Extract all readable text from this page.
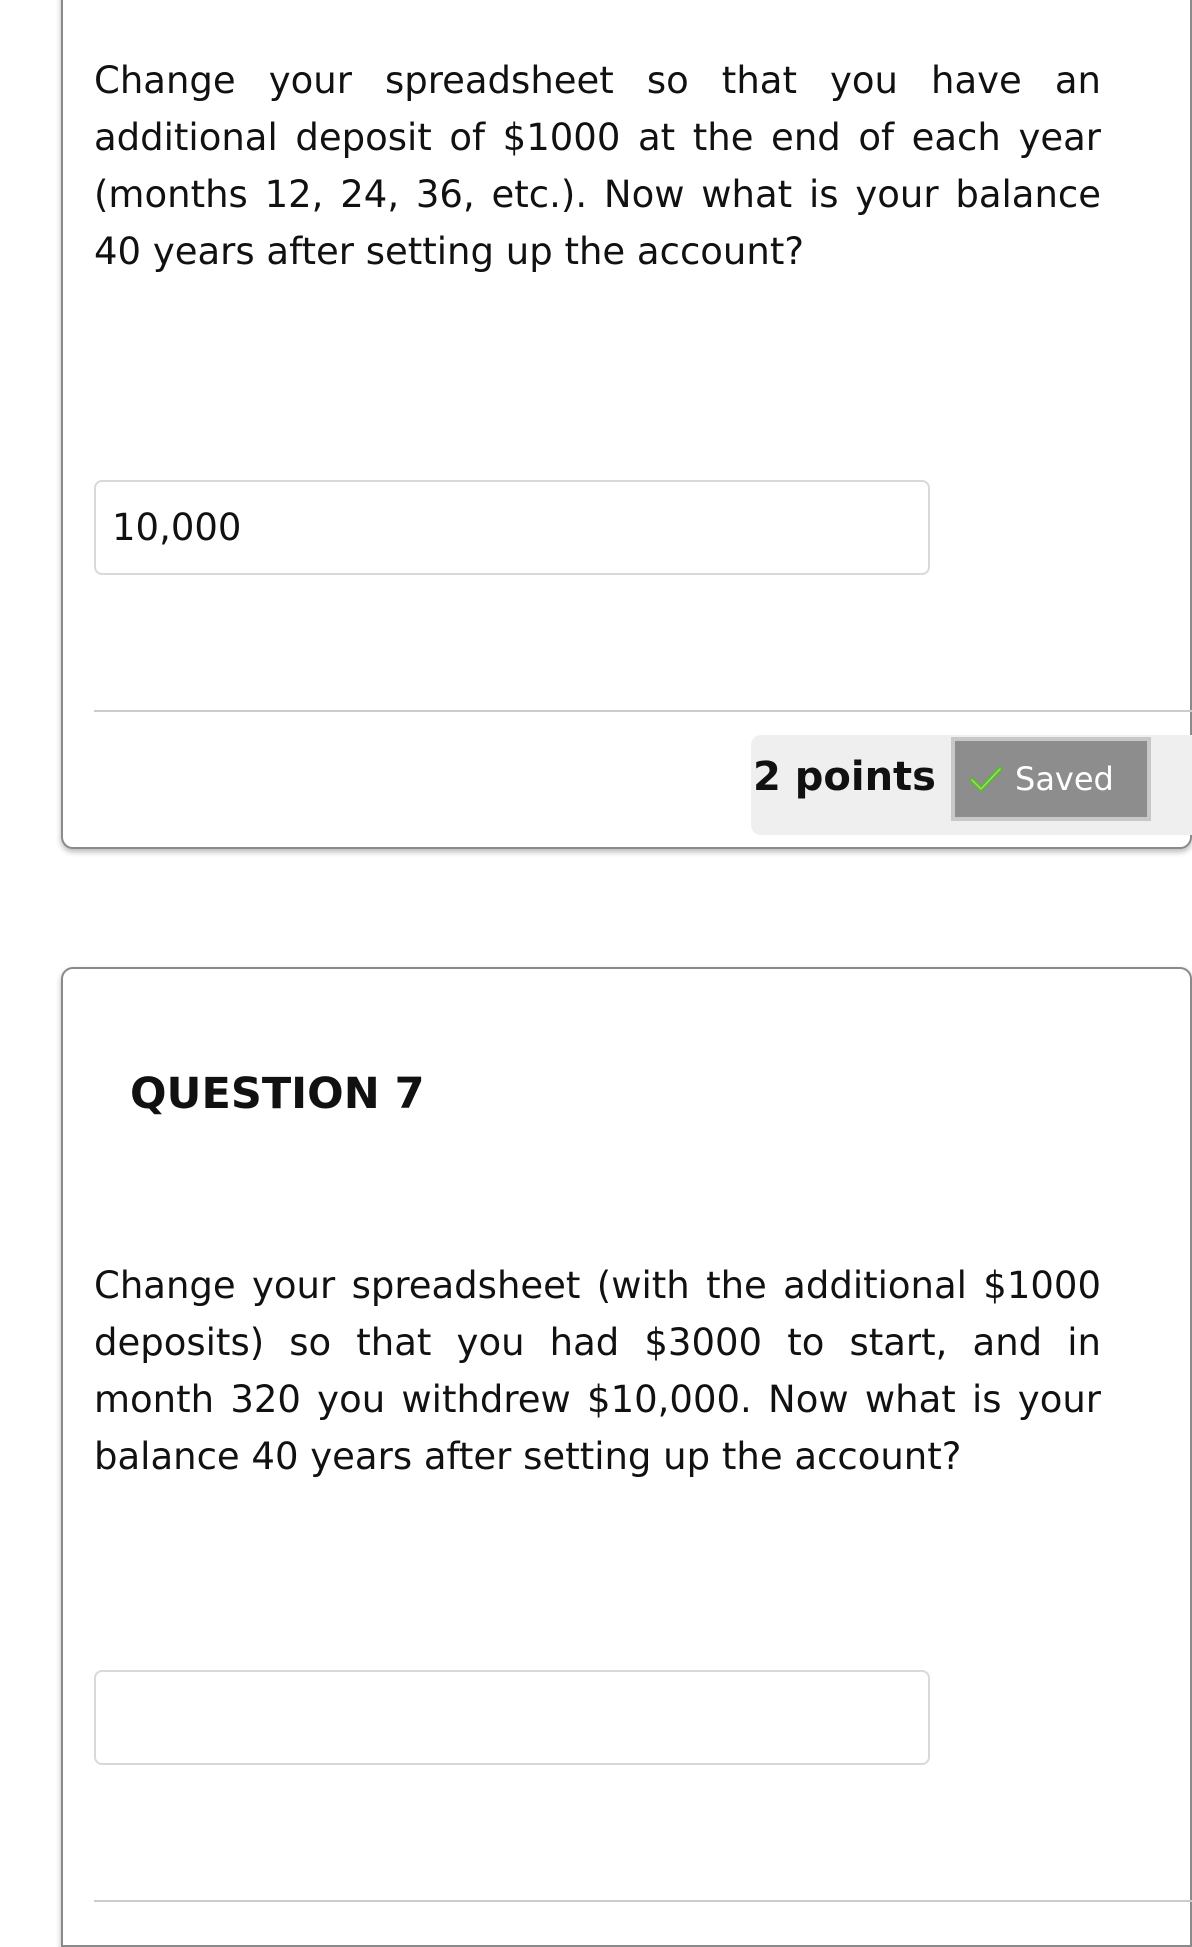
Change your spreadsheet so that you have an additional deposit of $1000 at the end of each year (months 12, 24, 36, etc.). Now what is your balance 40 years after setting up the account?

10,000
2 points Saved
QUESTION 7

Change your spreadsheet (with the additional $1000 deposits) so that you had $3000 to start, and in month 320 you withdrew $10,000. Now what is your balance 40 years after setting up the account?
